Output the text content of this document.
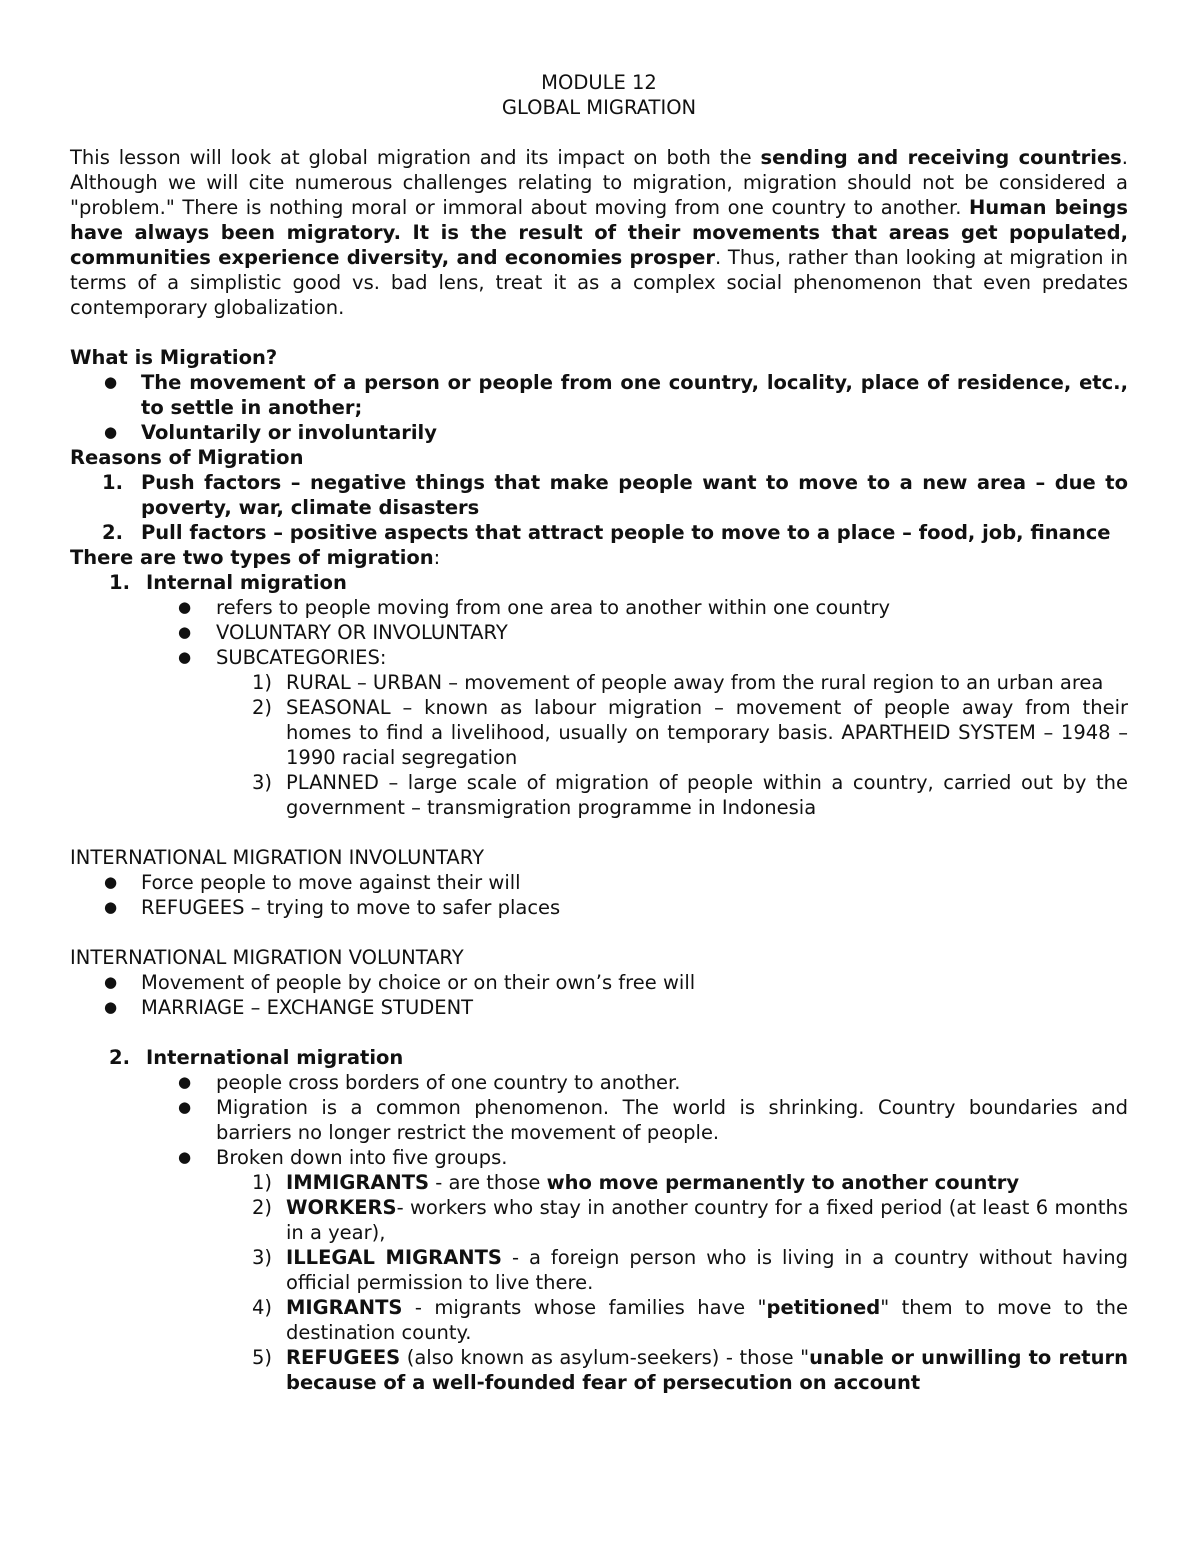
MODULE 12

GLOBAL MIGRATION

This lesson will look at global migration and its impact on both the sending and receiving countries. Although we will cite numerous challenges relating to migration, migration should not be considered a "problem." There is nothing moral or immoral about moving from one country to another. Human beings have always been migratory. It is the result of their movements that areas get populated, communities experience diversity, and economies prosper. Thus, rather than looking at migration in terms of a simplistic good vs. bad lens, treat it as a complex social phenomenon that even predates contemporary globalization.

What is Migration?

● The movement of a person or people from one country, locality, place of residence, etc., to settle in another;
● Voluntarily or involuntarily

Reasons of Migration

1. Push factors – negative things that make people want to move to a new area – due to poverty, war, climate disasters
2. Pull factors – positive aspects that attract people to move to a place – food, job, finance

There are two types of migration:

1. Internal migration
● refers to people moving from one area to another within one country
● VOLUNTARY OR INVOLUNTARY
● SUBCATEGORIES:
1) RURAL – URBAN – movement of people away from the rural region to an urban area
2) SEASONAL – known as labour migration – movement of people away from their homes to find a livelihood, usually on temporary basis. APARTHEID SYSTEM – 1948 – 1990 racial segregation
3) PLANNED – large scale of migration of people within a country, carried out by the government – transmigration programme in Indonesia

INTERNATIONAL MIGRATION INVOLUNTARY

● Force people to move against their will
● REFUGEES – trying to move to safer places

INTERNATIONAL MIGRATION VOLUNTARY

● Movement of people by choice or on their own’s free will
● MARRIAGE – EXCHANGE STUDENT
2. International migration
● people cross borders of one country to another.
● Migration is a common phenomenon. The world is shrinking. Country boundaries and barriers no longer restrict the movement of people.
● Broken down into five groups.
1) IMMIGRANTS - are those who move permanently to another country
2) WORKERS- workers who stay in another country for a fixed period (at least 6 months in a year),
3) ILLEGAL MIGRANTS - a foreign person who is living in a country without having official permission to live there.
4) MIGRANTS - migrants whose families have "petitioned" them to move to the destination county.
5) REFUGEES (also known as asylum-seekers) - those "unable or unwilling to return because of a well-founded fear of persecution on account
